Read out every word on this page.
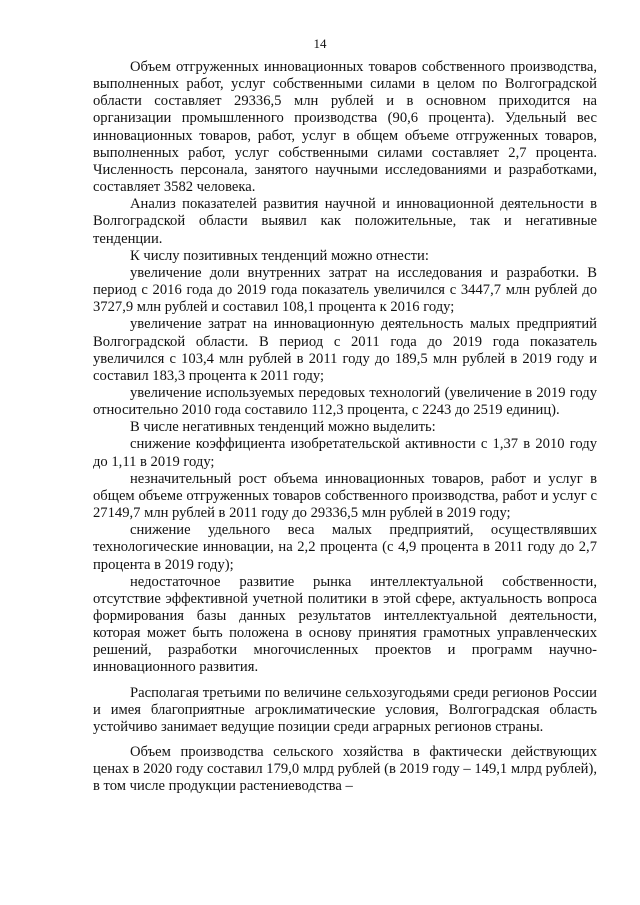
14

Объем отгруженных инновационных товаров собственного производства, выполненных работ, услуг собственными силами в целом по Волгоградской области составляет 29336,5 млн рублей и в основном приходится на организации промышленного производства (90,6 процента). Удельный вес инновационных товаров, работ, услуг в общем объеме отгруженных товаров, выполненных работ, услуг собственными силами составляет 2,7 процента. Численность персонала, занятого научными исследованиями и разработками, составляет 3582 человека.

Анализ показателей развития научной и инновационной деятельности в Волгоградской области выявил как положительные, так и негативные тенденции.

К числу позитивных тенденций можно отнести:

увеличение доли внутренних затрат на исследования и разработки. В период с 2016 года до 2019 года показатель увеличился с 3447,7 млн рублей до 3727,9 млн рублей и составил 108,1 процента к 2016 году;

увеличение затрат на инновационную деятельность малых предприятий Волгоградской области. В период с 2011 года до 2019 года показатель увеличился с 103,4 млн рублей в 2011 году до 189,5 млн рублей в 2019 году и составил 183,3 процента к 2011 году;

увеличение используемых передовых технологий (увеличение в 2019 году относительно 2010 года составило 112,3 процента, с 2243 до 2519 единиц).

В числе негативных тенденций можно выделить:

снижение коэффициента изобретательской активности с 1,37 в 2010 году до 1,11 в 2019 году;

незначительный рост объема инновационных товаров, работ и услуг в общем объеме отгруженных товаров собственного производства, работ и услуг с 27149,7 млн рублей в 2011 году до 29336,5 млн рублей в 2019 году;

снижение удельного веса малых предприятий, осуществлявших технологические инновации, на 2,2 процента (с 4,9 процента в 2011 году до 2,7 процента в 2019 году);

недостаточное развитие рынка интеллектуальной собственности, отсутствие эффективной учетной политики в этой сфере, актуальность вопроса формирования базы данных результатов интеллектуальной деятельности, которая может быть положена в основу принятия грамотных управленческих решений, разработки многочисленных проектов и программ научно-инновационного развития.

Располагая третьими по величине сельхозугодьями среди регионов России и имея благоприятные агроклиматические условия, Волгоградская область устойчиво занимает ведущие позиции среди аграрных регионов страны.

Объем производства сельского хозяйства в фактически действующих ценах в 2020 году составил 179,0 млрд рублей (в 2019 году – 149,1 млрд рублей), в том числе продукции растениеводства –
